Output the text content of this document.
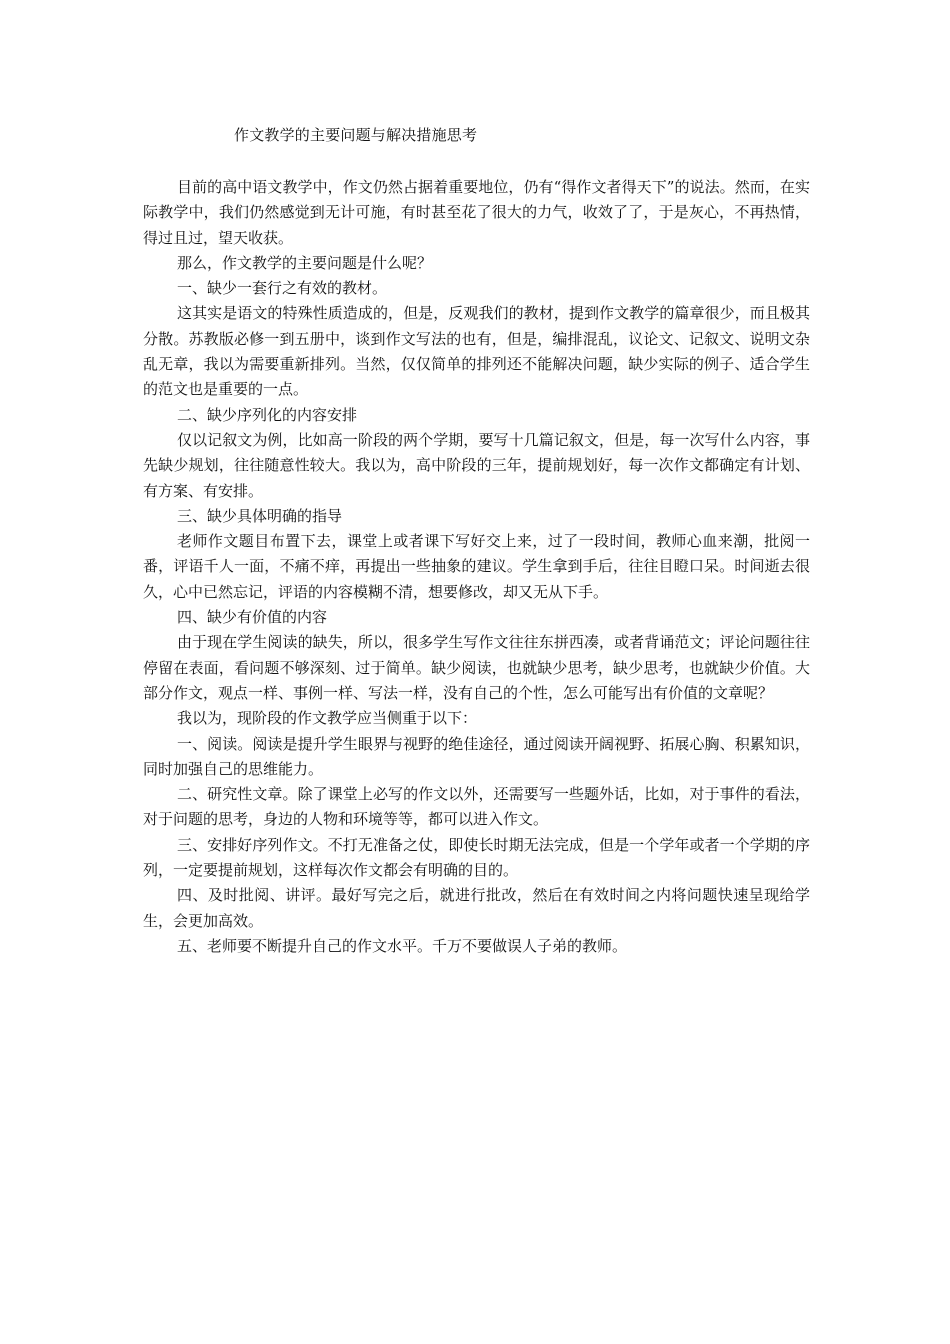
作文教学的主要问题与解决措施思考

目前的高中语文教学中，作文仍然占据着重要地位，仍有“得作文者得天下”的说法。然而，在实际教学中，我们仍然感觉到无计可施，有时甚至花了很大的力气，收效了了，于是灰心，不再热情，得过且过，望天收获。

那么，作文教学的主要问题是什么呢？

一、缺少一套行之有效的教材。

这其实是语文的特殊性质造成的，但是，反观我们的教材，提到作文教学的篇章很少，而且极其分散。苏教版必修一到五册中，谈到作文写法的也有，但是，编排混乱，议论文、记叙文、说明文杂乱无章，我以为需要重新排列。当然，仅仅简单的排列还不能解决问题，缺少实际的例子、适合学生的范文也是重要的一点。

二、缺少序列化的内容安排

仅以记叙文为例，比如高一阶段的两个学期，要写十几篇记叙文，但是，每一次写什么内容，事先缺少规划，往往随意性较大。我以为，高中阶段的三年，提前规划好，每一次作文都确定有计划、有方案、有安排。

三、缺少具体明确的指导

老师作文题目布置下去，课堂上或者课下写好交上来，过了一段时间，教师心血来潮，批阅一番，评语千人一面，不痛不痒，再提出一些抽象的建议。学生拿到手后，往往目瞪口呆。时间逝去很久，心中已然忘记，评语的内容模糊不清，想要修改，却又无从下手。

四、缺少有价值的内容

由于现在学生阅读的缺失，所以，很多学生写作文往往东拼西凑，或者背诵范文；评论问题往往停留在表面，看问题不够深刻、过于简单。缺少阅读，也就缺少思考，缺少思考，也就缺少价值。大部分作文，观点一样、事例一样、写法一样，没有自己的个性，怎么可能写出有价值的文章呢？

我以为，现阶段的作文教学应当侧重于以下：

一、阅读。阅读是提升学生眼界与视野的绝佳途径，通过阅读开阔视野、拓展心胸、积累知识，同时加强自己的思维能力。

二、研究性文章。除了课堂上必写的作文以外，还需要写一些题外话，比如，对于事件的看法，对于问题的思考，身边的人物和环境等等，都可以进入作文。

三、安排好序列作文。不打无准备之仗，即使长时期无法完成，但是一个学年或者一个学期的序列，一定要提前规划，这样每次作文都会有明确的目的。

四、及时批阅、讲评。最好写完之后，就进行批改，然后在有效时间之内将问题快速呈现给学生，会更加高效。

五、老师要不断提升自己的作文水平。千万不要做误人子弟的教师。
